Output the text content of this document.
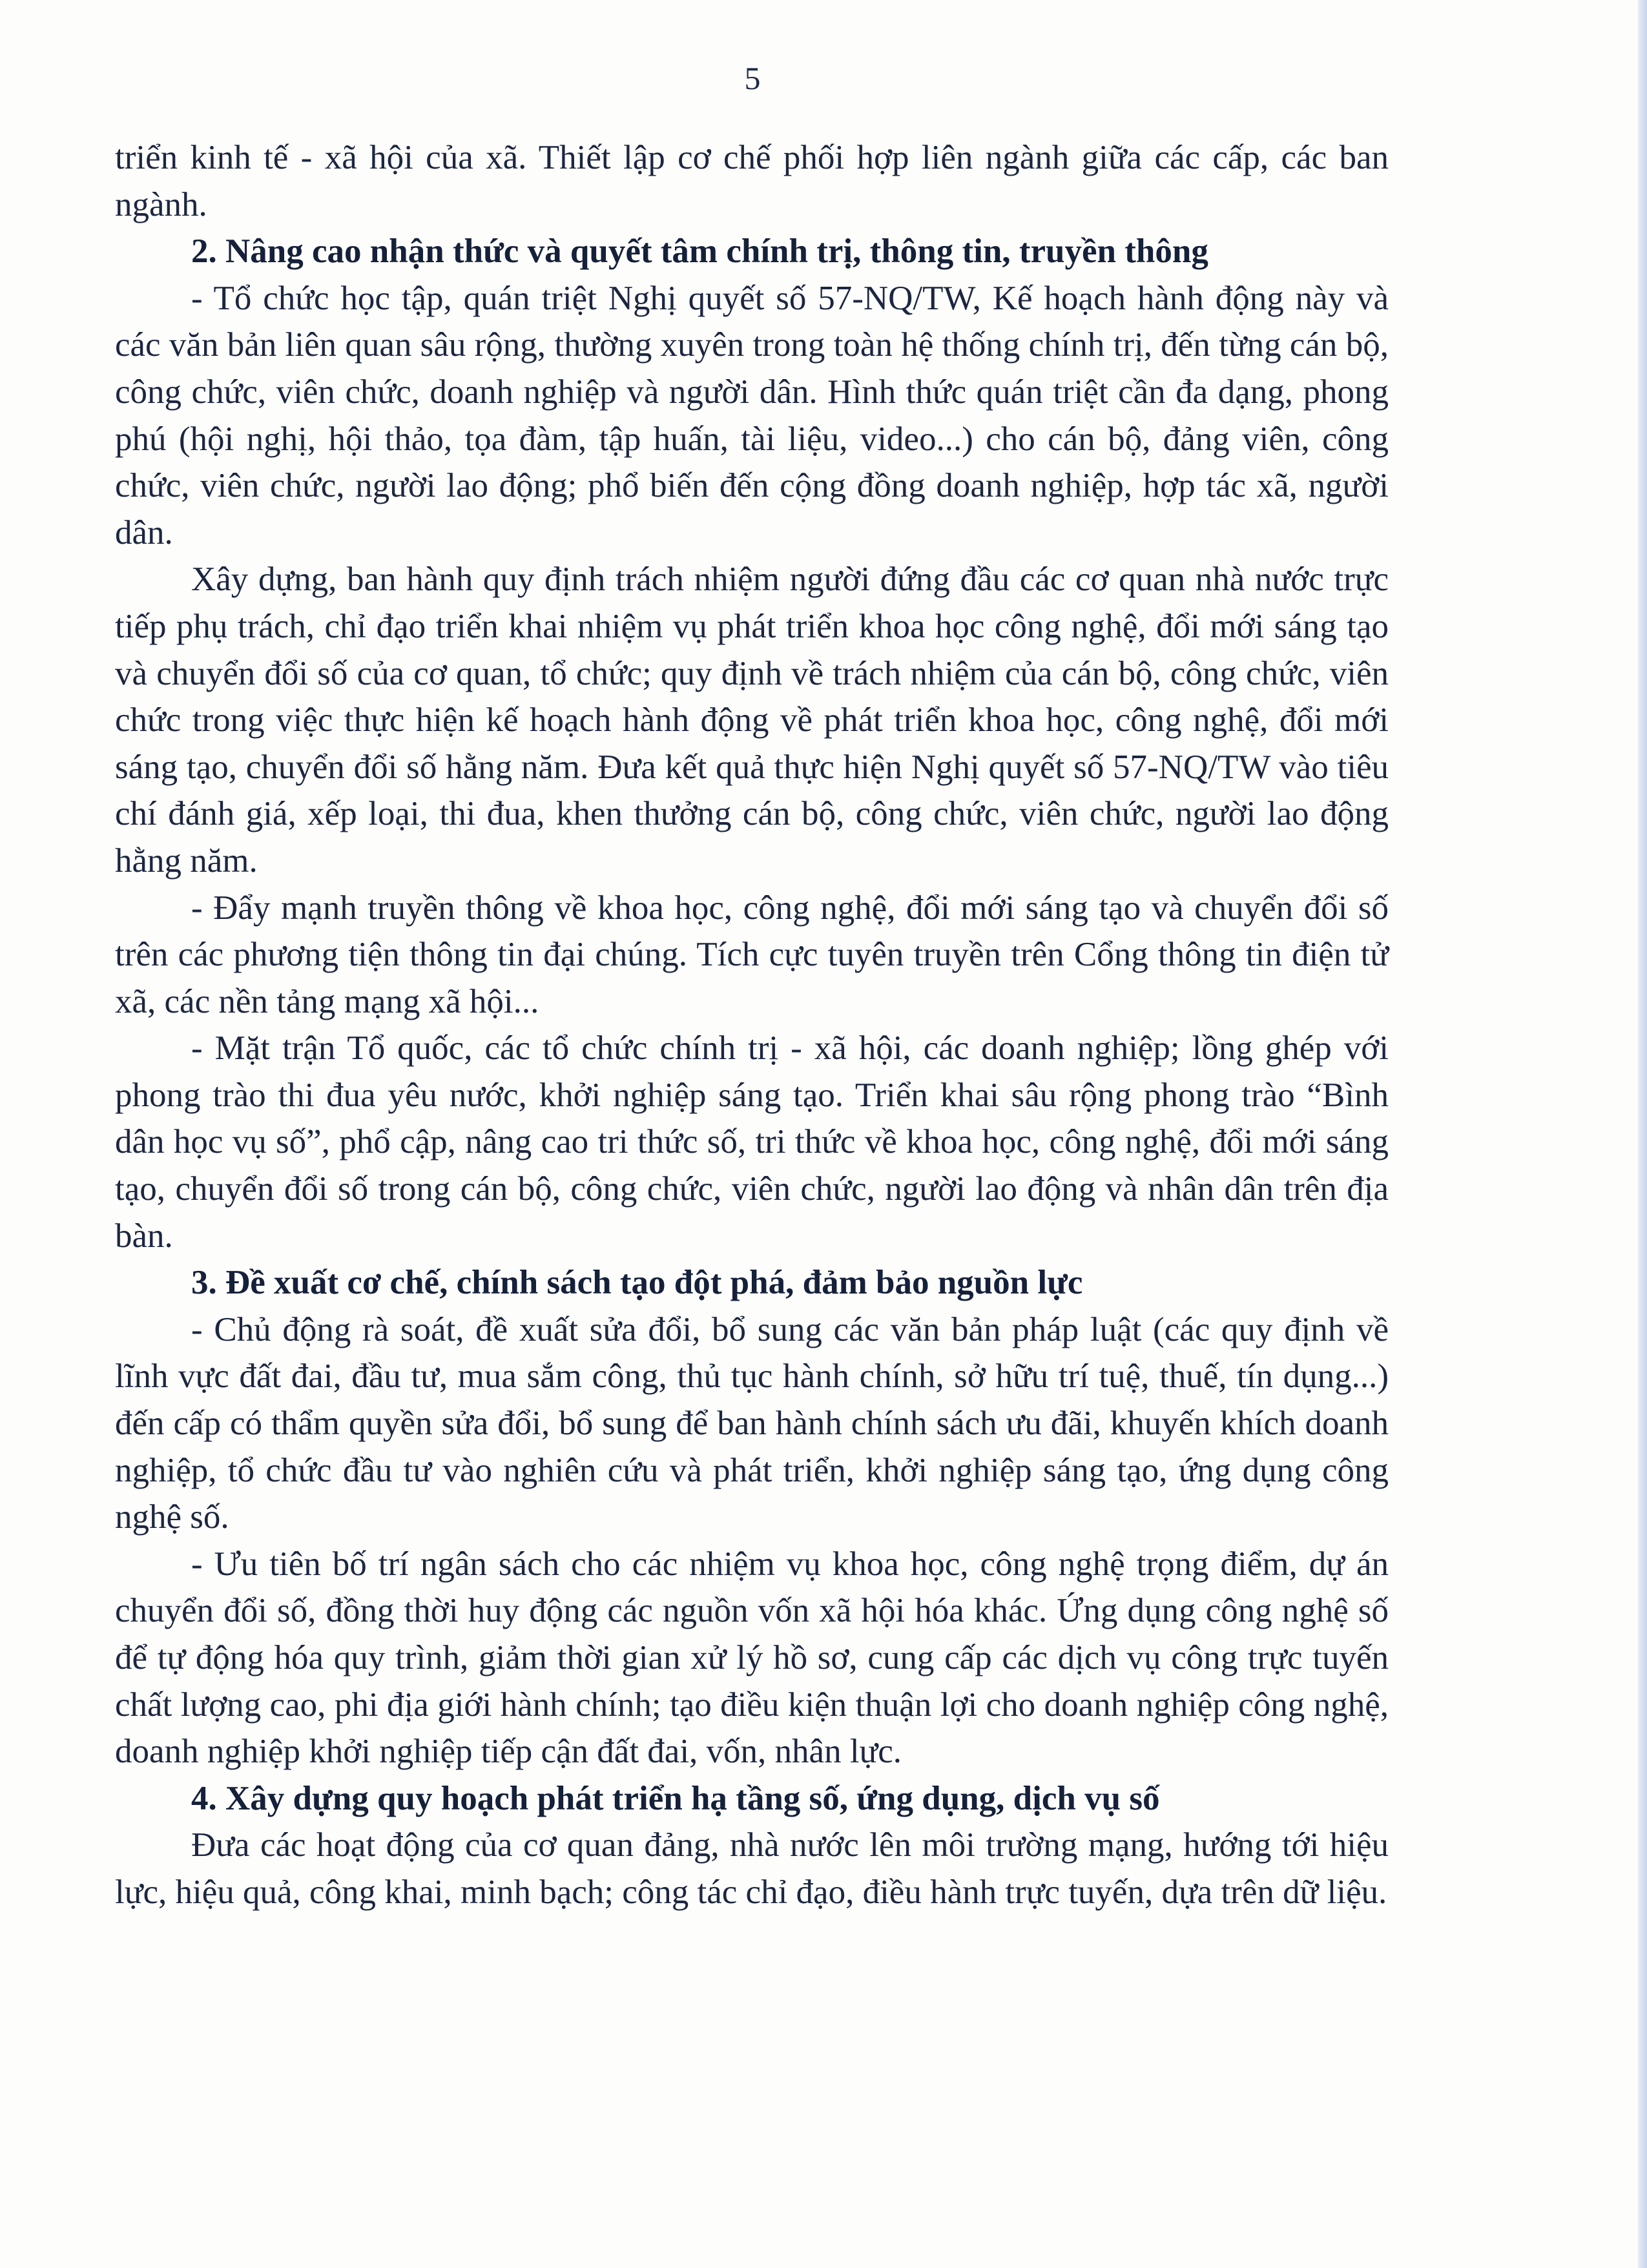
5

triển kinh tế - xã hội của xã. Thiết lập cơ chế phối hợp liên ngành giữa các cấp, các ban ngành.

2. Nâng cao nhận thức và quyết tâm chính trị, thông tin, truyền thông

- Tổ chức học tập, quán triệt Nghị quyết số 57-NQ/TW, Kế hoạch hành động này và các văn bản liên quan sâu rộng, thường xuyên trong toàn hệ thống chính trị, đến từng cán bộ, công chức, viên chức, doanh nghiệp và người dân. Hình thức quán triệt cần đa dạng, phong phú (hội nghị, hội thảo, tọa đàm, tập huấn, tài liệu, video...) cho cán bộ, đảng viên, công chức, viên chức, người lao động; phổ biến đến cộng đồng doanh nghiệp, hợp tác xã, người dân.

Xây dựng, ban hành quy định trách nhiệm người đứng đầu các cơ quan nhà nước trực tiếp phụ trách, chỉ đạo triển khai nhiệm vụ phát triển khoa học công nghệ, đổi mới sáng tạo và chuyển đổi số của cơ quan, tổ chức; quy định về trách nhiệm của cán bộ, công chức, viên chức trong việc thực hiện kế hoạch hành động về phát triển khoa học, công nghệ, đổi mới sáng tạo, chuyển đổi số hằng năm. Đưa kết quả thực hiện Nghị quyết số 57-NQ/TW vào tiêu chí đánh giá, xếp loại, thi đua, khen thưởng cán bộ, công chức, viên chức, người lao động hằng năm.

- Đẩy mạnh truyền thông về khoa học, công nghệ, đổi mới sáng tạo và chuyển đổi số trên các phương tiện thông tin đại chúng. Tích cực tuyên truyền trên Cổng thông tin điện tử xã, các nền tảng mạng xã hội...

- Mặt trận Tổ quốc, các tổ chức chính trị - xã hội, các doanh nghiệp; lồng ghép với phong trào thi đua yêu nước, khởi nghiệp sáng tạo. Triển khai sâu rộng phong trào “Bình dân học vụ số”, phổ cập, nâng cao tri thức số, tri thức về khoa học, công nghệ, đổi mới sáng tạo, chuyển đổi số trong cán bộ, công chức, viên chức, người lao động và nhân dân trên địa bàn.

3. Đề xuất cơ chế, chính sách tạo đột phá, đảm bảo nguồn lực

- Chủ động rà soát, đề xuất sửa đổi, bổ sung các văn bản pháp luật (các quy định về lĩnh vực đất đai, đầu tư, mua sắm công, thủ tục hành chính, sở hữu trí tuệ, thuế, tín dụng...) đến cấp có thẩm quyền sửa đổi, bổ sung để ban hành chính sách ưu đãi, khuyến khích doanh nghiệp, tổ chức đầu tư vào nghiên cứu và phát triển, khởi nghiệp sáng tạo, ứng dụng công nghệ số.

- Ưu tiên bố trí ngân sách cho các nhiệm vụ khoa học, công nghệ trọng điểm, dự án chuyển đổi số, đồng thời huy động các nguồn vốn xã hội hóa khác. Ứng dụng công nghệ số để tự động hóa quy trình, giảm thời gian xử lý hồ sơ, cung cấp các dịch vụ công trực tuyến chất lượng cao, phi địa giới hành chính; tạo điều kiện thuận lợi cho doanh nghiệp công nghệ, doanh nghiệp khởi nghiệp tiếp cận đất đai, vốn, nhân lực.

4. Xây dựng quy hoạch phát triển hạ tầng số, ứng dụng, dịch vụ số

Đưa các hoạt động của cơ quan đảng, nhà nước lên môi trường mạng, hướng tới hiệu lực, hiệu quả, công khai, minh bạch; công tác chỉ đạo, điều hành trực tuyến, dựa trên dữ liệu.
